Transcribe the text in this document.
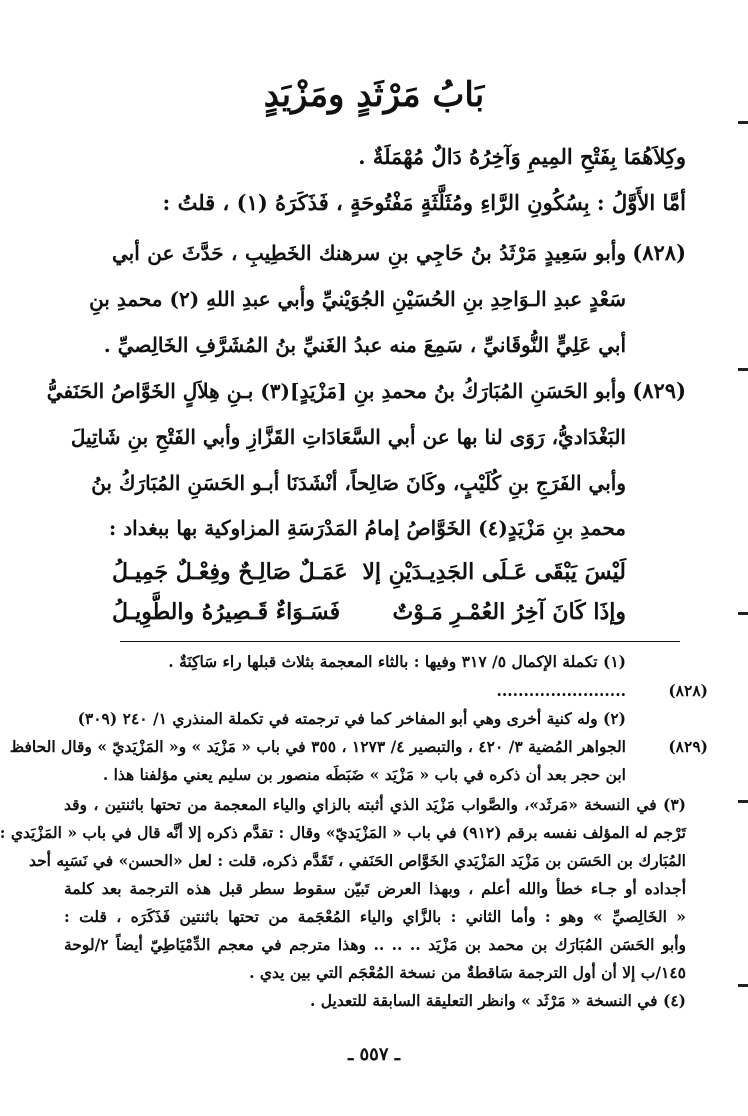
بَابُ مَرْثَدٍ ومَزْيَدٍ
وكِلاَهُمَا بِفَتْحِ المِيمِ وَآخِرُهُ دَالٌ مُهْمَلَةٌ .
أمَّا الأَوَّلُ : بِسُكُونِ الرَّاءِ ومُثَلَّثَةٍ مَفْتُوحَةٍ ، فَذَكَرَهُ (١) ، قلتُ :
(٨٢٨)
وأبو سَعِيدٍ مَرْثَدُ بنُ حَاجِي بنِ سرهنك الخَطِيبِ ، حَدَّثَ عن أبي
سَعْدٍ عبدِ الـوَاحِدِ بنِ الحُسَيْنِ الجُوَيْنيِّ وأبي عبدِ اللهِ (٢) محمدِ بنِ
أبي عَلِيٍّ النُّوقَانيِّ ، سَمِعَ منه عبدُ الغَنيِّ بنُ المُشَرَّفِ الخَالِصيِّ .
(٨٢٩)
وأبو الحَسَنِ المُبَارَكُ بنُ محمدِ بنِ [مَزْيَدٍ](٣) بـنِ هِلاَلٍ الخَوَّاصُ الحَنَفيُّ
البَغْدَاديُّ، رَوَى لنا بها عن أبي السَّعَادَاتِ القَزَّازِ وأبي الفَتْحِ بنِ شَاتِيلَ
وأبي الفَرَجِ بنِ كُلَيْبٍ، وكَانَ صَالِحاً، أنْشَدَنَا أبـو الحَسَنِ المُبَارَكُ بنُ
محمدِ بنِ مَزْيَدٍ(٤) الخَوَّاصُ إمامُ المَدْرَسَةِ المزاوكية بها ببغداد :
لَيْسَ يَبْقَى عَـلَى الجَدِيـدَيْنِ إلا
عَمَـلٌ صَالِـحٌ وفِعْـلٌ جَمِيـلُ
وإذَا كَانَ آخِرُ العُمْـرِ مَـوْتٌ
فَسَـوَاءٌ قَـصِيرُهُ والطَّوِيـلُ
(١) تكملة الإكمال ٥/ ٣١٧ وفيها : بالثاء المعجمة بثلاث قبلها راء سَاكِنَةٌ .
(٨٢٨)
........................
(٢) وله كنية أخرى وهي أبو المفاخر كما في ترجمته في تكملة المنذري ١/ ٢٤٠ (٣٠٩)
(٨٢٩)
الجواهر المُضية ٣/ ٤٢٠ ، والتبصير ٤/ ١٢٧٣ ، ٣٥٥ في باب « مَزْيَد » و« المَزْيَديّ » وقال الحافظ
ابن حجر بعد أن ذكره في باب « مَزْيَد » ضَبَطَه منصور بن سليم يعني مؤلفنا هذا .
(٣) في النسخة «مَرثَد»، والصَّواب مَزْيَد الذي أثبته بالزاي والياء المعجمة من تحتها باثنتين ، وقد
تَرْجم له المؤلف نفسه برقم (٩١٢) في باب « المَزْيَديّ» وقال : تقدَّم ذكره إلا أنَّه قال في باب « المَزْيَدي :
المُبَارك بن الحَسَن بن مَزْيَد المَزْيَدي الخَوَّاص الحَنَفي ، تَقَدَّم ذكره، قلت : لعل «الحسن» في نَسَبِه أحد
أجداده أو جـاء خطأ والله أعلم ، وبهذا العرض تَبيّن سقوط سطر قبل هذه الترجمة بعد كلمة
« الخَالِصيِّ » وهو : وأما الثاني : بالزَّاي والياء المُعْجَمة من تحتها باثنتين فَذَكَرَه ، قلت :
وأبو الحَسَن المُبَارَك بن محمد بن مَزْيَد .. .. .. وهذا مترجم في معجم الدِّمْيَاطِيّ أيضاً ٢/لوحة
١٤٥/ب إلا أن أول الترجمة سَاقطةٌ من نسخة المُعْجَم التي بين يدي .
(٤) في النسخة « مَرْثَد » وانظر التعليقة السابقة للتعديل .
ـ ٥٥٧ ـ
